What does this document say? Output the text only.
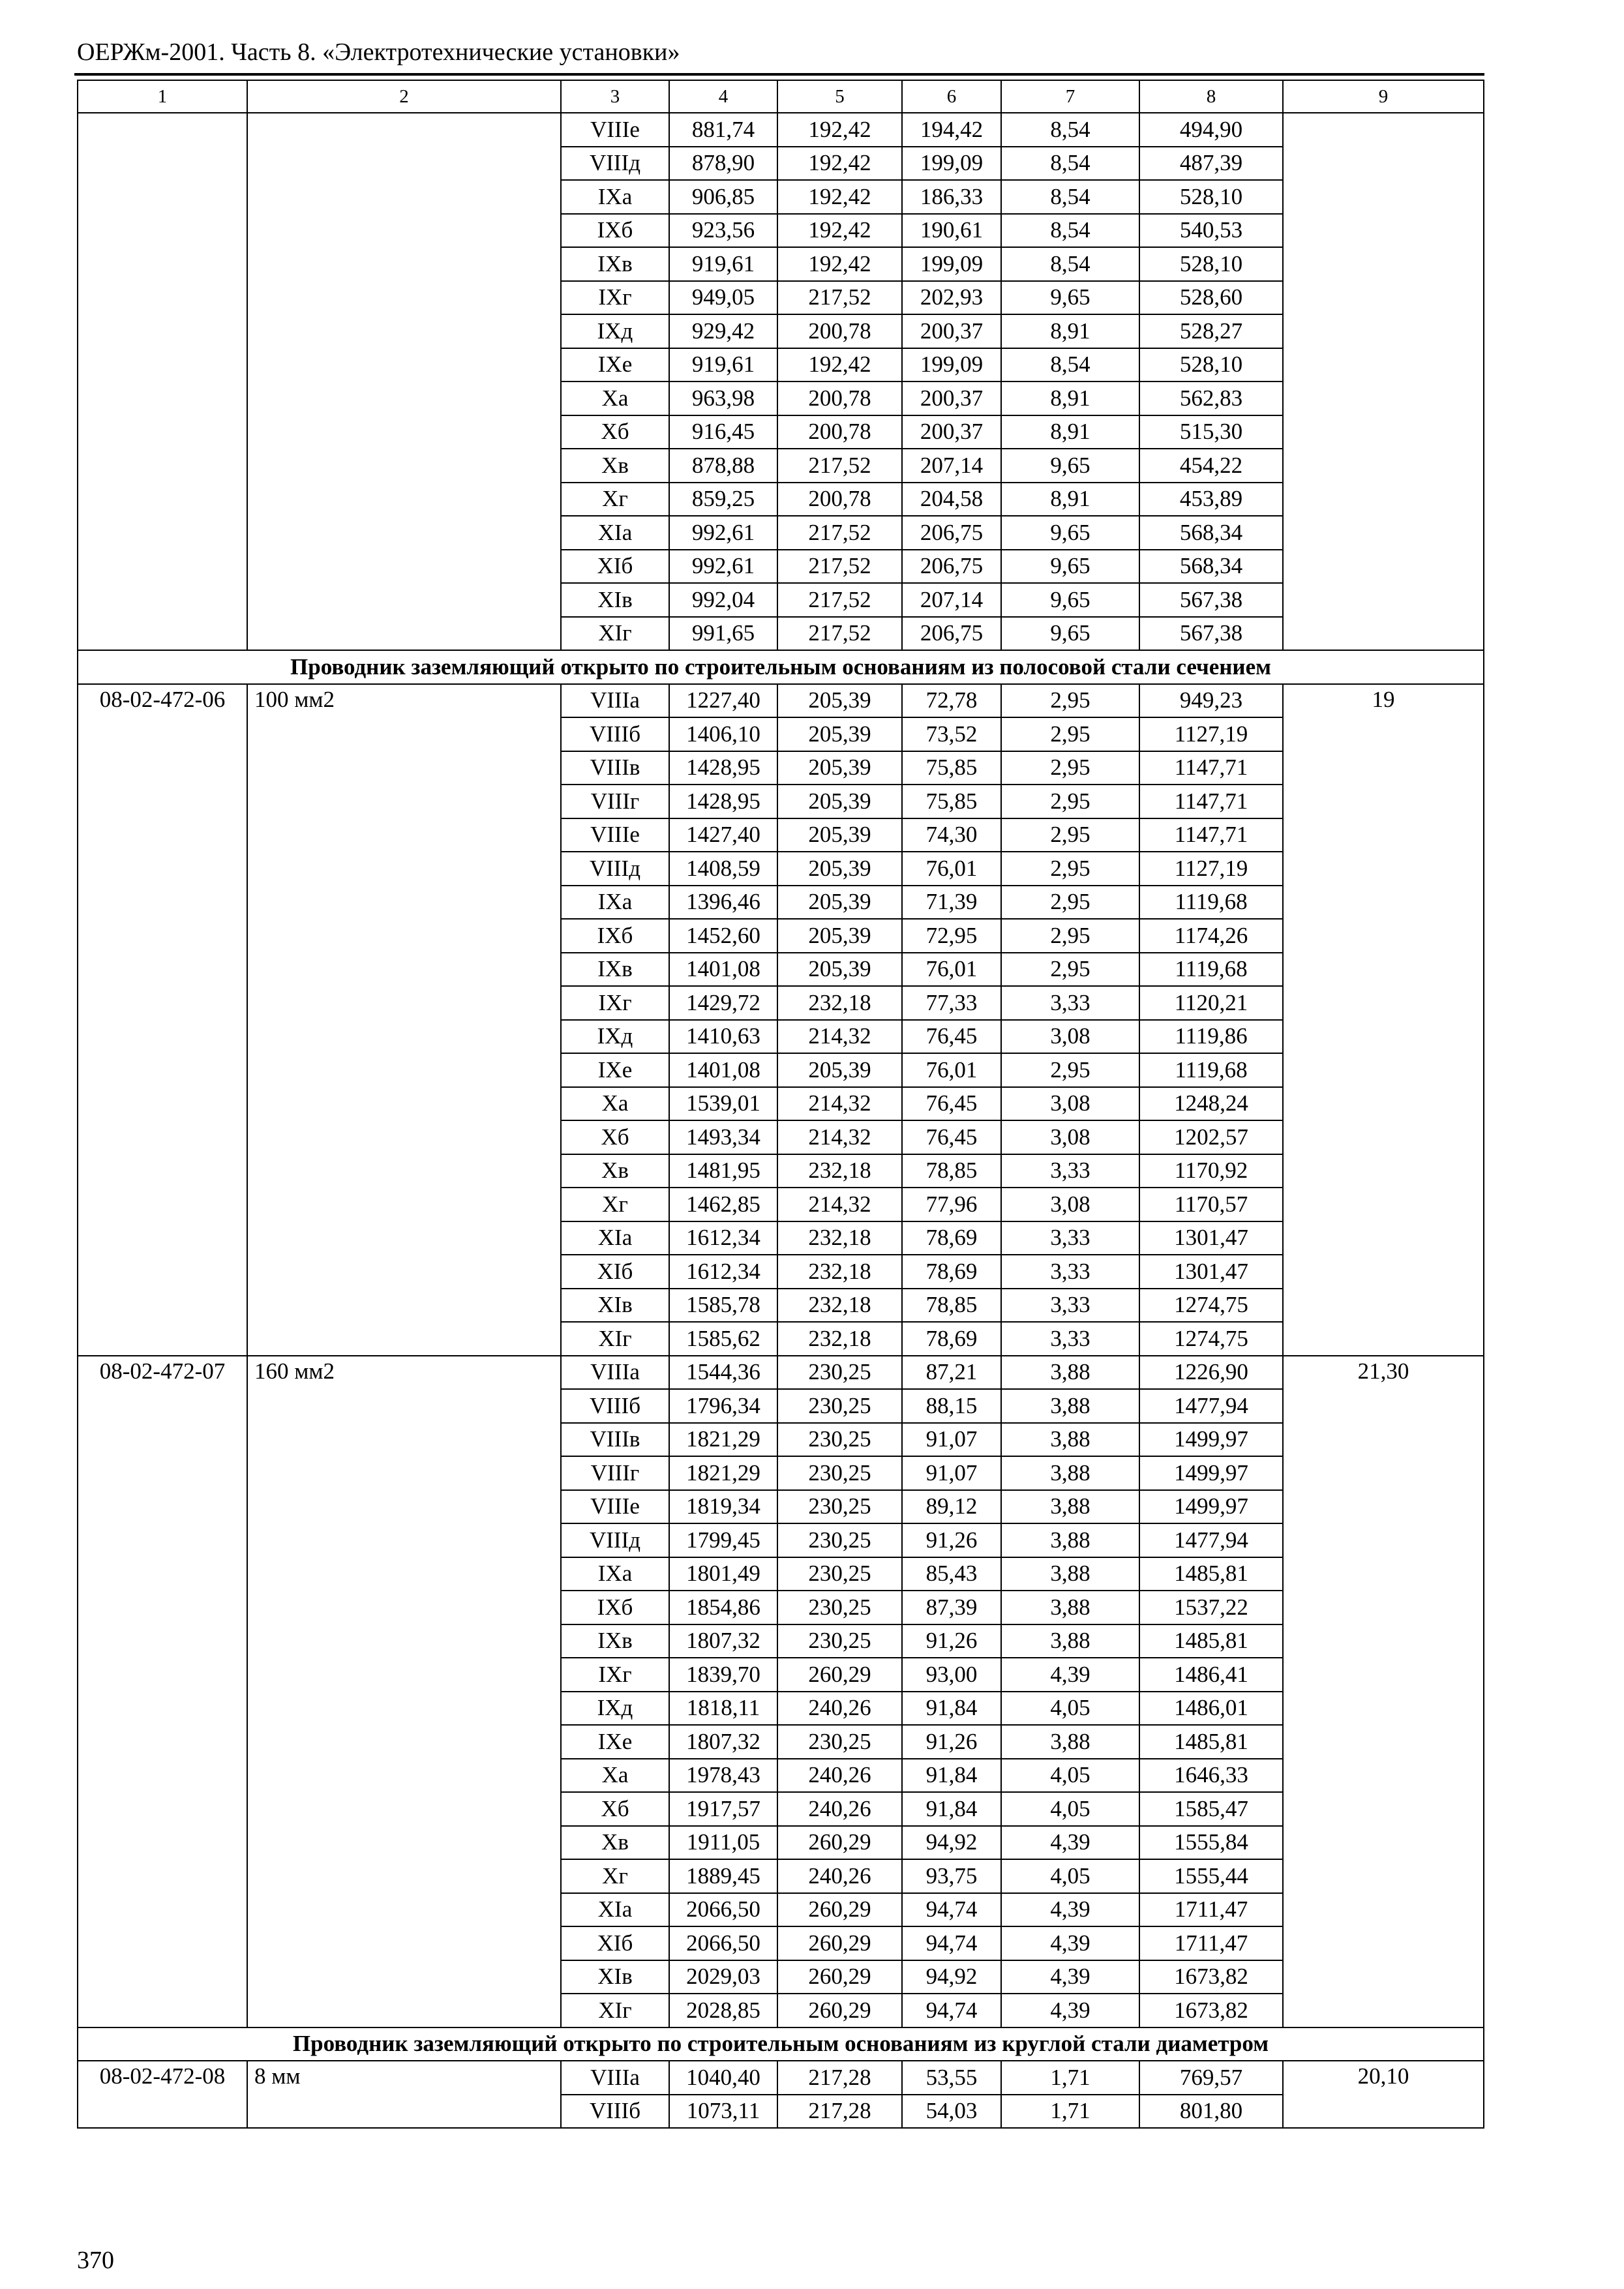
ОЕРЖм-2001. Часть 8. «Электротехнические установки»
1	2	3	4	5	6	7	8	9
		VIIIе	881,74	192,42	194,42	8,54	494,90	
		VIIIд	878,90	192,42	199,09	8,54	487,39	
		IXа	906,85	192,42	186,33	8,54	528,10	
		IXб	923,56	192,42	190,61	8,54	540,53	
		IXв	919,61	192,42	199,09	8,54	528,10	
		IXг	949,05	217,52	202,93	9,65	528,60	
		IXд	929,42	200,78	200,37	8,91	528,27	
		IXе	919,61	192,42	199,09	8,54	528,10	
		Xа	963,98	200,78	200,37	8,91	562,83	
		Xб	916,45	200,78	200,37	8,91	515,30	
		Xв	878,88	217,52	207,14	9,65	454,22	
		Xг	859,25	200,78	204,58	8,91	453,89	
		XIа	992,61	217,52	206,75	9,65	568,34	
		XIб	992,61	217,52	206,75	9,65	568,34	
		XIв	992,04	217,52	207,14	9,65	567,38	
		XIг	991,65	217,52	206,75	9,65	567,38	
Проводник заземляющий открыто по строительным основаниям из полосовой стали сечением								
08-02-472-06	100 мм2	VIIIа	1227,40	205,39	72,78	2,95	949,23	19
		VIIIб	1406,10	205,39	73,52	2,95	1127,19	
		VIIIв	1428,95	205,39	75,85	2,95	1147,71	
		VIIIг	1428,95	205,39	75,85	2,95	1147,71	
		VIIIе	1427,40	205,39	74,30	2,95	1147,71	
		VIIIд	1408,59	205,39	76,01	2,95	1127,19	
		IXа	1396,46	205,39	71,39	2,95	1119,68	
		IXб	1452,60	205,39	72,95	2,95	1174,26	
		IXв	1401,08	205,39	76,01	2,95	1119,68	
		IXг	1429,72	232,18	77,33	3,33	1120,21	
		IXд	1410,63	214,32	76,45	3,08	1119,86	
		IXе	1401,08	205,39	76,01	2,95	1119,68	
		Xа	1539,01	214,32	76,45	3,08	1248,24	
		Xб	1493,34	214,32	76,45	3,08	1202,57	
		Xв	1481,95	232,18	78,85	3,33	1170,92	
		Xг	1462,85	214,32	77,96	3,08	1170,57	
		XIа	1612,34	232,18	78,69	3,33	1301,47	
		XIб	1612,34	232,18	78,69	3,33	1301,47	
		XIв	1585,78	232,18	78,85	3,33	1274,75	
		XIг	1585,62	232,18	78,69	3,33	1274,75	
08-02-472-07	160 мм2	VIIIа	1544,36	230,25	87,21	3,88	1226,90	21,30
		VIIIб	1796,34	230,25	88,15	3,88	1477,94	
		VIIIв	1821,29	230,25	91,07	3,88	1499,97	
		VIIIг	1821,29	230,25	91,07	3,88	1499,97	
		VIIIе	1819,34	230,25	89,12	3,88	1499,97	
		VIIIд	1799,45	230,25	91,26	3,88	1477,94	
		IXа	1801,49	230,25	85,43	3,88	1485,81	
		IXб	1854,86	230,25	87,39	3,88	1537,22	
		IXв	1807,32	230,25	91,26	3,88	1485,81	
		IXг	1839,70	260,29	93,00	4,39	1486,41	
		IXд	1818,11	240,26	91,84	4,05	1486,01	
		IXе	1807,32	230,25	91,26	3,88	1485,81	
		Xа	1978,43	240,26	91,84	4,05	1646,33	
		Xб	1917,57	240,26	91,84	4,05	1585,47	
		Xв	1911,05	260,29	94,92	4,39	1555,84	
		Xг	1889,45	240,26	93,75	4,05	1555,44	
		XIа	2066,50	260,29	94,74	4,39	1711,47	
		XIб	2066,50	260,29	94,74	4,39	1711,47	
		XIв	2029,03	260,29	94,92	4,39	1673,82	
		XIг	2028,85	260,29	94,74	4,39	1673,82	
Проводник заземляющий открыто по строительным основаниям из круглой стали диаметром								
08-02-472-08	8 мм	VIIIа	1040,40	217,28	53,55	1,71	769,57	20,10
		VIIIб	1073,11	217,28	54,03	1,71	801,80	
370
